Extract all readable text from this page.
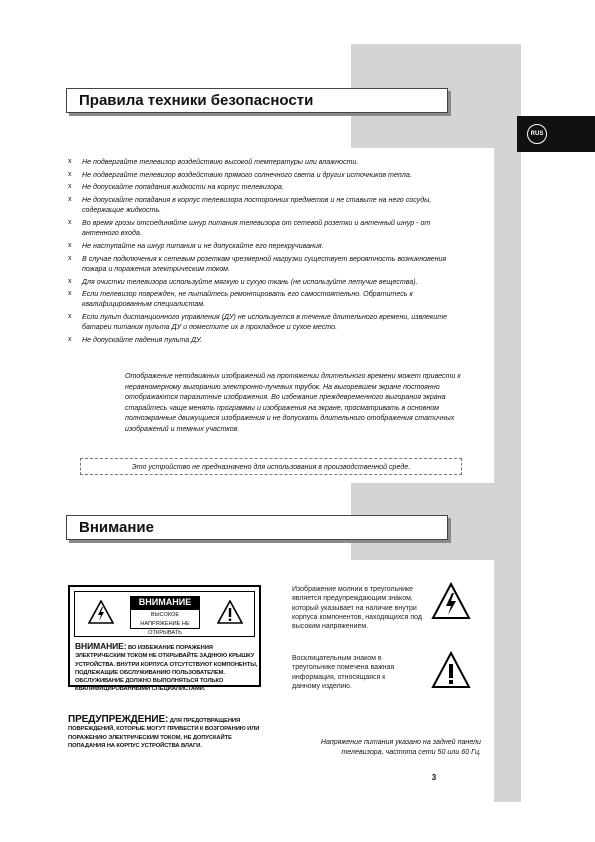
RUS
Правила техники безопасности
x Не подвергайте телевизор воздействию высокой температуры или влажности.
x Не подвергайте телевизор воздействию прямого солнечного света и других источников тепла.
x Не допускайте попадания жидкости на корпус телевизора.
x Не допускайте попадания в корпус телевизора посторонних предметов и не ставьте на него сосуды, содержащие жидкость.
x Во время грозы отсоединяйте шнур питания телевизора от сетевой розетки и антенный шнур - от антенного входа.
x Не наступайте на шнур питания и не допускайте его перекручивания.
x В случае подключения к сетевым розеткам чрезмерной нагрузки существует вероятность возникновения пожара и поражения электрическим током.
x Для очистки телевизора используйте мягкую и сухую ткань (не используйте летучие вещества).
x Если телевизор поврежден, не пытайтесь ремонтировать его самостоятельно. Обратитесь к квалифицированным специалистам.
x Если пульт дистанционного управления (ДУ) не используется в течение длительного времени, извлеките батареи питания пульта ДУ и поместите их в прохладное и сухое место.
x Не допускайте падения пульта ДУ.
Отображение неподвижных изображений на протяжении длительного времени может привести к неравномерному выгоранию электронно-лучевых трубок. На выгоревшем экране постоянно отображаются паразитные изображения. Во избежание преждевременного выгорания экрана старайтесь чаще менять программы и изображения на экране, просматривать в основном полноэкранные движущиеся изображения и не допускать длительного отображения статичных изображений и темных участков.
Это устройство не предназначено для использования в производственной среде.
Внимание
ВНИМАНИЕ
ВЫСОКОЕ НАПРЯЖЕНИЕ НЕ ОТКРЫВАТЬ
ВНИМАНИЕ: ВО ИЗБЕЖАНИЕ ПОРАЖЕНИЯ ЭЛЕКТРИЧЕСКИМ ТОКОМ НЕ ОТКРЫВАЙТЕ ЗАДНЮЮ КРЫШКУ УСТРОЙСТВА. ВНУТРИ КОРПУСА ОТСУТСТВУЮТ КОМПОНЕНТЫ, ПОДЛЕЖАЩИЕ ОБСЛУЖИВАНИЮ ПОЛЬЗОВАТЕЛЕМ. ОБСЛУЖИВАНИЕ ДОЛЖНО ВЫПОЛНЯТЬСЯ ТОЛЬКО КВАЛИФИЦИРОВАННЫМИ СПЕЦИАЛИСТАМИ.
ПРЕДУПРЕЖДЕНИЕ: ДЛЯ ПРЕДОТВРАЩЕНИЯ ПОВРЕЖДЕНИЙ, КОТОРЫЕ МОГУТ ПРИВЕСТИ К ВОЗГОРАНИЮ ИЛИ ПОРАЖЕНИЮ ЭЛЕКТРИЧЕСКИМ ТОКОМ, НЕ ДОПУСКАЙТЕ ПОПАДАНИЯ НА КОРПУС УСТРОЙСТВА ВЛАГИ.
Изображение молнии в треугольнике является предупреждающим знаком, который указывает на наличие внутри корпуса компонентов, находящихся под высоким напряжением.
Восклицательным знаком в треугольнике помечена важная информация, относящаяся к данному изделию.
Напряжение питания указано на задней панели телевизора, частота сети 50 или 60 Гц.
3
